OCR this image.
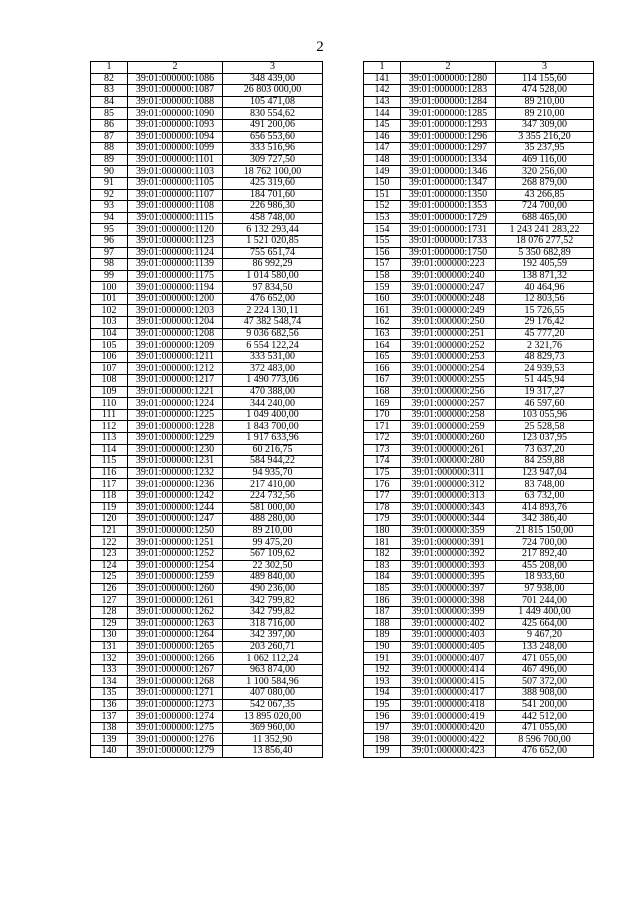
2
1	2	3
82	39:01:000000:1086	348 439,00
83	39:01:000000:1087	26 803 000,00
84	39:01:000000:1088	105 471,08
85	39:01:000000:1090	830 554,62
86	39:01:000000:1093	491 200,06
87	39:01:000000:1094	656 553,60
88	39:01:000000:1099	333 516,96
89	39:01:000000:1101	309 727,50
90	39:01:000000:1103	18 762 100,00
91	39:01:000000:1105	425 319,60
92	39:01:000000:1107	184 701,60
93	39:01:000000:1108	226 986,30
94	39:01:000000:1115	458 748,00
95	39:01:000000:1120	6 132 293,44
96	39:01:000000:1123	1 521 020,85
97	39:01:000000:1124	755 651,74
98	39:01:000000:1139	86 992,29
99	39:01:000000:1175	1 014 580,00
100	39:01:000000:1194	97 834,50
101	39:01:000000:1200	476 652,00
102	39:01:000000:1203	2 224 130,11
103	39:01:000000:1204	47 382 548,74
104	39:01:000000:1208	9 036 682,56
105	39:01:000000:1209	6 554 122,24
106	39:01:000000:1211	333 531,00
107	39:01:000000:1212	372 483,00
108	39:01:000000:1217	1 490 773,06
109	39:01:000000:1221	470 388,00
110	39:01:000000:1224	344 240,00
111	39:01:000000:1225	1 049 400,00
112	39:01:000000:1228	1 843 700,00
113	39:01:000000:1229	1 917 633,96
114	39:01:000000:1230	60 216,75
115	39:01:000000:1231	584 944,22
116	39:01:000000:1232	94 935,70
117	39:01:000000:1236	217 410,00
118	39:01:000000:1242	224 732,56
119	39:01:000000:1244	581 000,00
120	39:01:000000:1247	488 280,00
121	39:01:000000:1250	89 210,00
122	39:01:000000:1251	99 475,20
123	39:01:000000:1252	567 109,62
124	39:01:000000:1254	22 302,50
125	39:01:000000:1259	489 840,00
126	39:01:000000:1260	490 236,00
127	39:01:000000:1261	342 799,82
128	39:01:000000:1262	342 799,82
129	39:01:000000:1263	318 716,00
130	39:01:000000:1264	342 397,00
131	39:01:000000:1265	203 260,71
132	39:01:000000:1266	1 062 112,24
133	39:01:000000:1267	963 874,00
134	39:01:000000:1268	1 100 584,96
135	39:01:000000:1271	407 080,00
136	39:01:000000:1273	542 067,35
137	39:01:000000:1274	13 895 020,00
138	39:01:000000:1275	369 960,00
139	39:01:000000:1276	11 352,90
140	39:01:000000:1279	13 856,40
1	2	3
141	39:01:000000:1280	114 155,60
142	39:01:000000:1283	474 528,00
143	39:01:000000:1284	89 210,00
144	39:01:000000:1285	89 210,00
145	39:01:000000:1293	347 309,00
146	39:01:000000:1296	3 355 216,20
147	39:01:000000:1297	35 237,95
148	39:01:000000:1334	469 116,00
149	39:01:000000:1346	320 256,00
150	39:01:000000:1347	268 879,00
151	39:01:000000:1350	43 266,85
152	39:01:000000:1353	724 700,00
153	39:01:000000:1729	688 465,00
154	39:01:000000:1731	1 243 241 283,22
155	39:01:000000:1733	18 076 277,52
156	39:01:000000:1750	5 350 682,89
157	39:01:000000:223	192 405,59
158	39:01:000000:240	138 871,32
159	39:01:000000:247	40 464,96
160	39:01:000000:248	12 803,56
161	39:01:000000:249	15 726,55
162	39:01:000000:250	29 176,42
163	39:01:000000:251	45 777,20
164	39:01:000000:252	2 321,76
165	39:01:000000:253	48 829,73
166	39:01:000000:254	24 939,53
167	39:01:000000:255	51 445,94
168	39:01:000000:256	19 317,27
169	39:01:000000:257	46 597,60
170	39:01:000000:258	103 055,96
171	39:01:000000:259	25 528,58
172	39:01:000000:260	123 037,95
173	39:01:000000:261	73 637,20
174	39:01:000000:280	84 259,88
175	39:01:000000:311	123 947,04
176	39:01:000000:312	83 748,00
177	39:01:000000:313	63 732,00
178	39:01:000000:343	414 893,76
179	39:01:000000:344	342 386,40
180	39:01:000000:359	21 815 150,00
181	39:01:000000:391	724 700,00
182	39:01:000000:392	217 892,40
183	39:01:000000:393	455 208,00
184	39:01:000000:395	18 933,60
185	39:01:000000:397	97 938,00
186	39:01:000000:398	701 244,00
187	39:01:000000:399	1 449 400,00
188	39:01:000000:402	425 664,00
189	39:01:000000:403	9 467,20
190	39:01:000000:405	133 248,00
191	39:01:000000:407	471 055,00
192	39:01:000000:414	467 496,00
193	39:01:000000:415	507 372,00
194	39:01:000000:417	388 908,00
195	39:01:000000:418	541 200,00
196	39:01:000000:419	442 512,00
197	39:01:000000:420	471 055,00
198	39:01:000000:422	8 596 700,00
199	39:01:000000:423	476 652,00
